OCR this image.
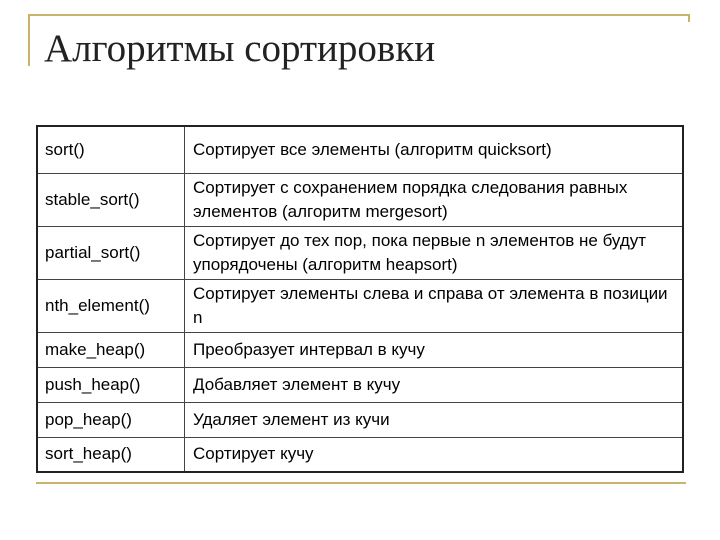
Алгоритмы сортировки
sort()	Сортирует все элементы (алгоритм quicksort)
stable_sort()	Сортирует с сохранением порядка следования равных элементов (алгоритм mergesort)
partial_sort()	Сортирует до тех пор, пока первые n элементов не будут упорядочены (алгоритм heapsort)
nth_element()	Сортирует элементы слева и справа от элемента в позиции n
make_heap()	Преобразует интервал в кучу
push_heap()	Добавляет элемент в кучу
pop_heap()	Удаляет элемент из кучи
sort_heap()	Сортирует кучу
